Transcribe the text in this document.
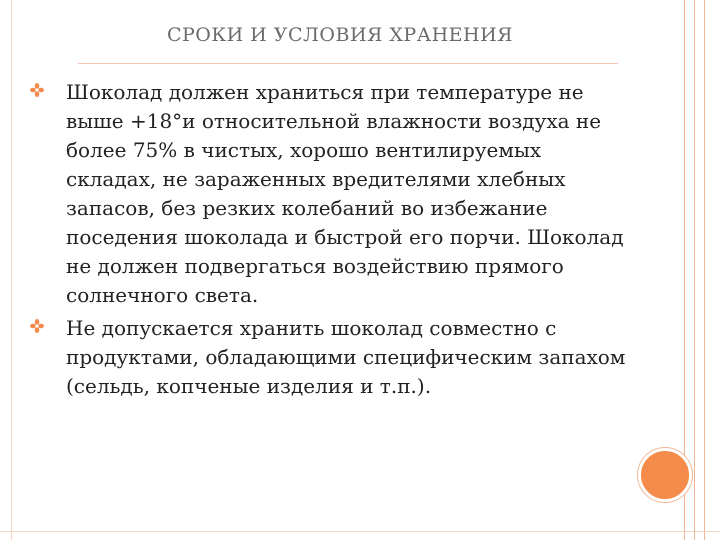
СРОКИ И УСЛОВИЯ ХРАНЕНИЯ
Шоколад должен храниться при температуре не выше +18°и относительной влажности воздуха не более 75% в чистых, хорошо вентилируемых складах, не зараженных вредителями хлебных запасов, без резких колебаний во избежание поседения шоколада и быстрой его порчи. Шоколад не должен подвергаться воздействию прямого солнечного света.
Не допускается хранить шоколад совместно с продуктами, обладающими специфическим запахом (сельдь, копченые изделия и т.п.).
